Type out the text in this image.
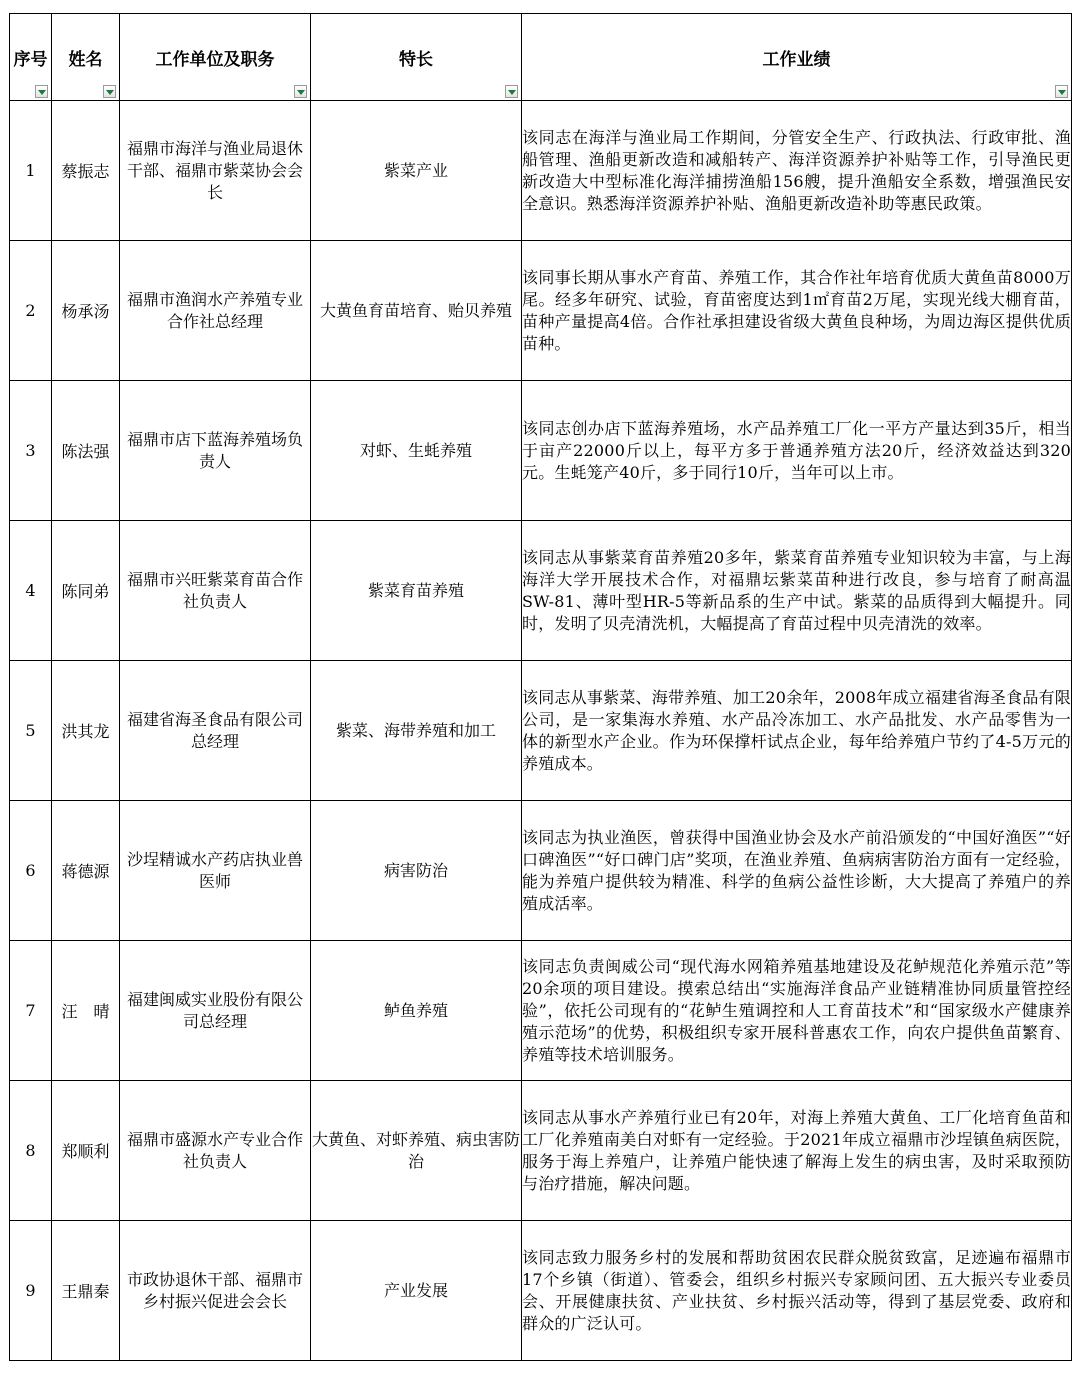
序号	姓名	工作单位及职务	特长	工作业绩

1	蔡振志	福鼎市海洋与渔业局退休干部、福鼎市紫菜协会会长	紫菜产业	该同志在海洋与渔业局工作期间，分管安全生产、行政执法、行政审批、渔船管理、渔船更新改造和减船转产、海洋资源养护补贴等工作，引导渔民更新改造大中型标准化海洋捕捞渔船156艘，提升渔船安全系数，增强渔民安全意识。熟悉海洋资源养护补贴、渔船更新改造补助等惠民政策。
2	杨承汤	福鼎市渔润水产养殖专业合作社总经理	大黄鱼育苗培育、贻贝养殖	该同事长期从事水产育苗、养殖工作，其合作社年培育优质大黄鱼苗8000万尾。经多年研究、试验，育苗密度达到1㎡育苗2万尾，实现光线大棚育苗，苗种产量提高4倍。合作社承担建设省级大黄鱼良种场，为周边海区提供优质苗种。
3	陈法强	福鼎市店下蓝海养殖场负责人	对虾、生蚝养殖	该同志创办店下蓝海养殖场，水产品养殖工厂化一平方产量达到35斤，相当于亩产22000斤以上，每平方多于普通养殖方法20斤，经济效益达到320元。生蚝笼产40斤，多于同行10斤，当年可以上市。
4	陈同弟	福鼎市兴旺紫菜育苗合作社负责人	紫菜育苗养殖	该同志从事紫菜育苗养殖20多年，紫菜育苗养殖专业知识较为丰富，与上海海洋大学开展技术合作，对福鼎坛紫菜苗种进行改良，参与培育了耐高温SW-81、薄叶型HR-5等新品系的生产中试。紫菜的品质得到大幅提升。同时，发明了贝壳清洗机，大幅提高了育苗过程中贝壳清洗的效率。
5	洪其龙	福建省海圣食品有限公司总经理	紫菜、海带养殖和加工	该同志从事紫菜、海带养殖、加工20余年，2008年成立福建省海圣食品有限公司，是一家集海水养殖、水产品冷冻加工、水产品批发、水产品零售为一体的新型水产企业。作为环保撑杆试点企业，每年给养殖户节约了4-5万元的养殖成本。
6	蒋德源	沙埕精诚水产药店执业兽医师	病害防治	该同志为执业渔医，曾获得中国渔业协会及水产前沿颁发的“中国好渔医”“好口碑渔医”“好口碑门店”奖项，在渔业养殖、鱼病病害防治方面有一定经验，能为养殖户提供较为精准、科学的鱼病公益性诊断，大大提高了养殖户的养殖成活率。
7	汪　晴	福建闽威实业股份有限公司总经理	鲈鱼养殖	该同志负责闽威公司“现代海水网箱养殖基地建设及花鲈规范化养殖示范”等20余项的项目建设。摸索总结出“实施海洋食品产业链精准协同质量管控经验”，依托公司现有的“花鲈生殖调控和人工育苗技术”和“国家级水产健康养殖示范场”的优势，积极组织专家开展科普惠农工作，向农户提供鱼苗繁育、养殖等技术培训服务。
8	郑顺利	福鼎市盛源水产专业合作社负责人	大黄鱼、对虾养殖、病虫害防治	该同志从事水产养殖行业已有20年，对海上养殖大黄鱼、工厂化培育鱼苗和工厂化养殖南美白对虾有一定经验。于2021年成立福鼎市沙埕镇鱼病医院，服务于海上养殖户，让养殖户能快速了解海上发生的病虫害，及时采取预防与治疗措施，解决问题。
9	王鼎秦	市政协退休干部、福鼎市乡村振兴促进会会长	产业发展	该同志致力服务乡村的发展和帮助贫困农民群众脱贫致富，足迹遍布福鼎市17个乡镇（街道）、管委会，组织乡村振兴专家顾问团、五大振兴专业委员会、开展健康扶贫、产业扶贫、乡村振兴活动等，得到了基层党委、政府和群众的广泛认可。
